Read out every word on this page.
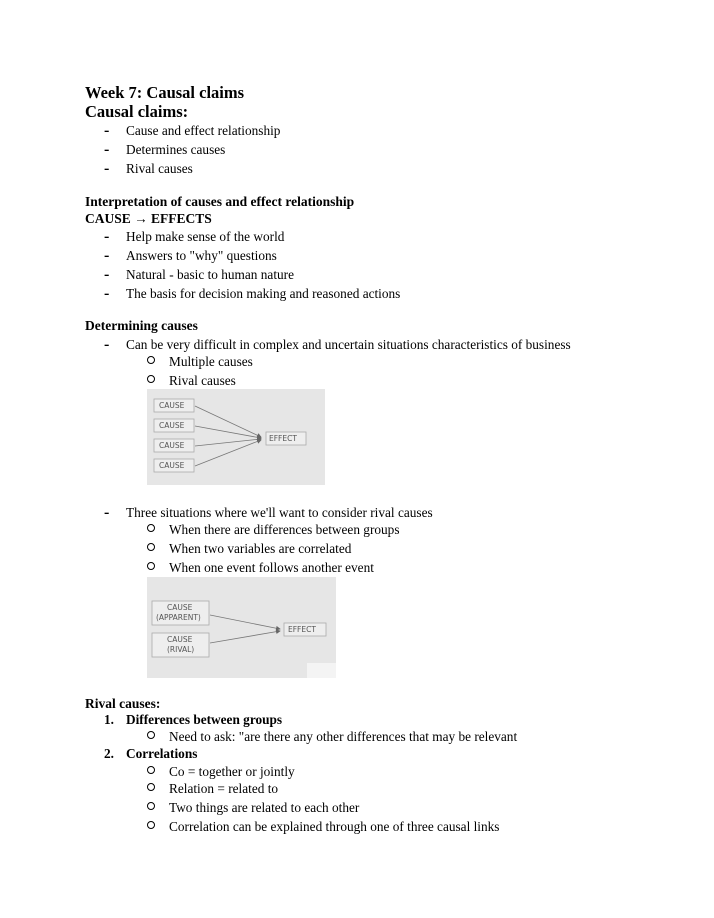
Week 7: Causal claims
Causal claims:
- Cause and effect relationship
- Determines causes
- Rival causes
Interpretation of causes and effect relationship
CAUSE → EFFECTS
- Help make sense of the world
- Answers to "why" questions
- Natural - basic to human nature
- The basis for decision making and reasoned actions
Determining causes
- Can be very difficult in complex and uncertain situations characteristics of business
Multiple causes
Rival causes
CAUSE
CAUSE
CAUSE
CAUSE
EFFECT
- Three situations where we'll want to consider rival causes
When there are differences between groups
When two variables are correlated
When one event follows another event
CAUSE
(APPARENT)
CAUSE
(RIVAL)
EFFECT
Rival causes:
1. Differences between groups
Need to ask: "are there any other differences that may be relevant
2. Correlations
Co = together or jointly
Relation = related to
Two things are related to each other
Correlation can be explained through one of three causal links
